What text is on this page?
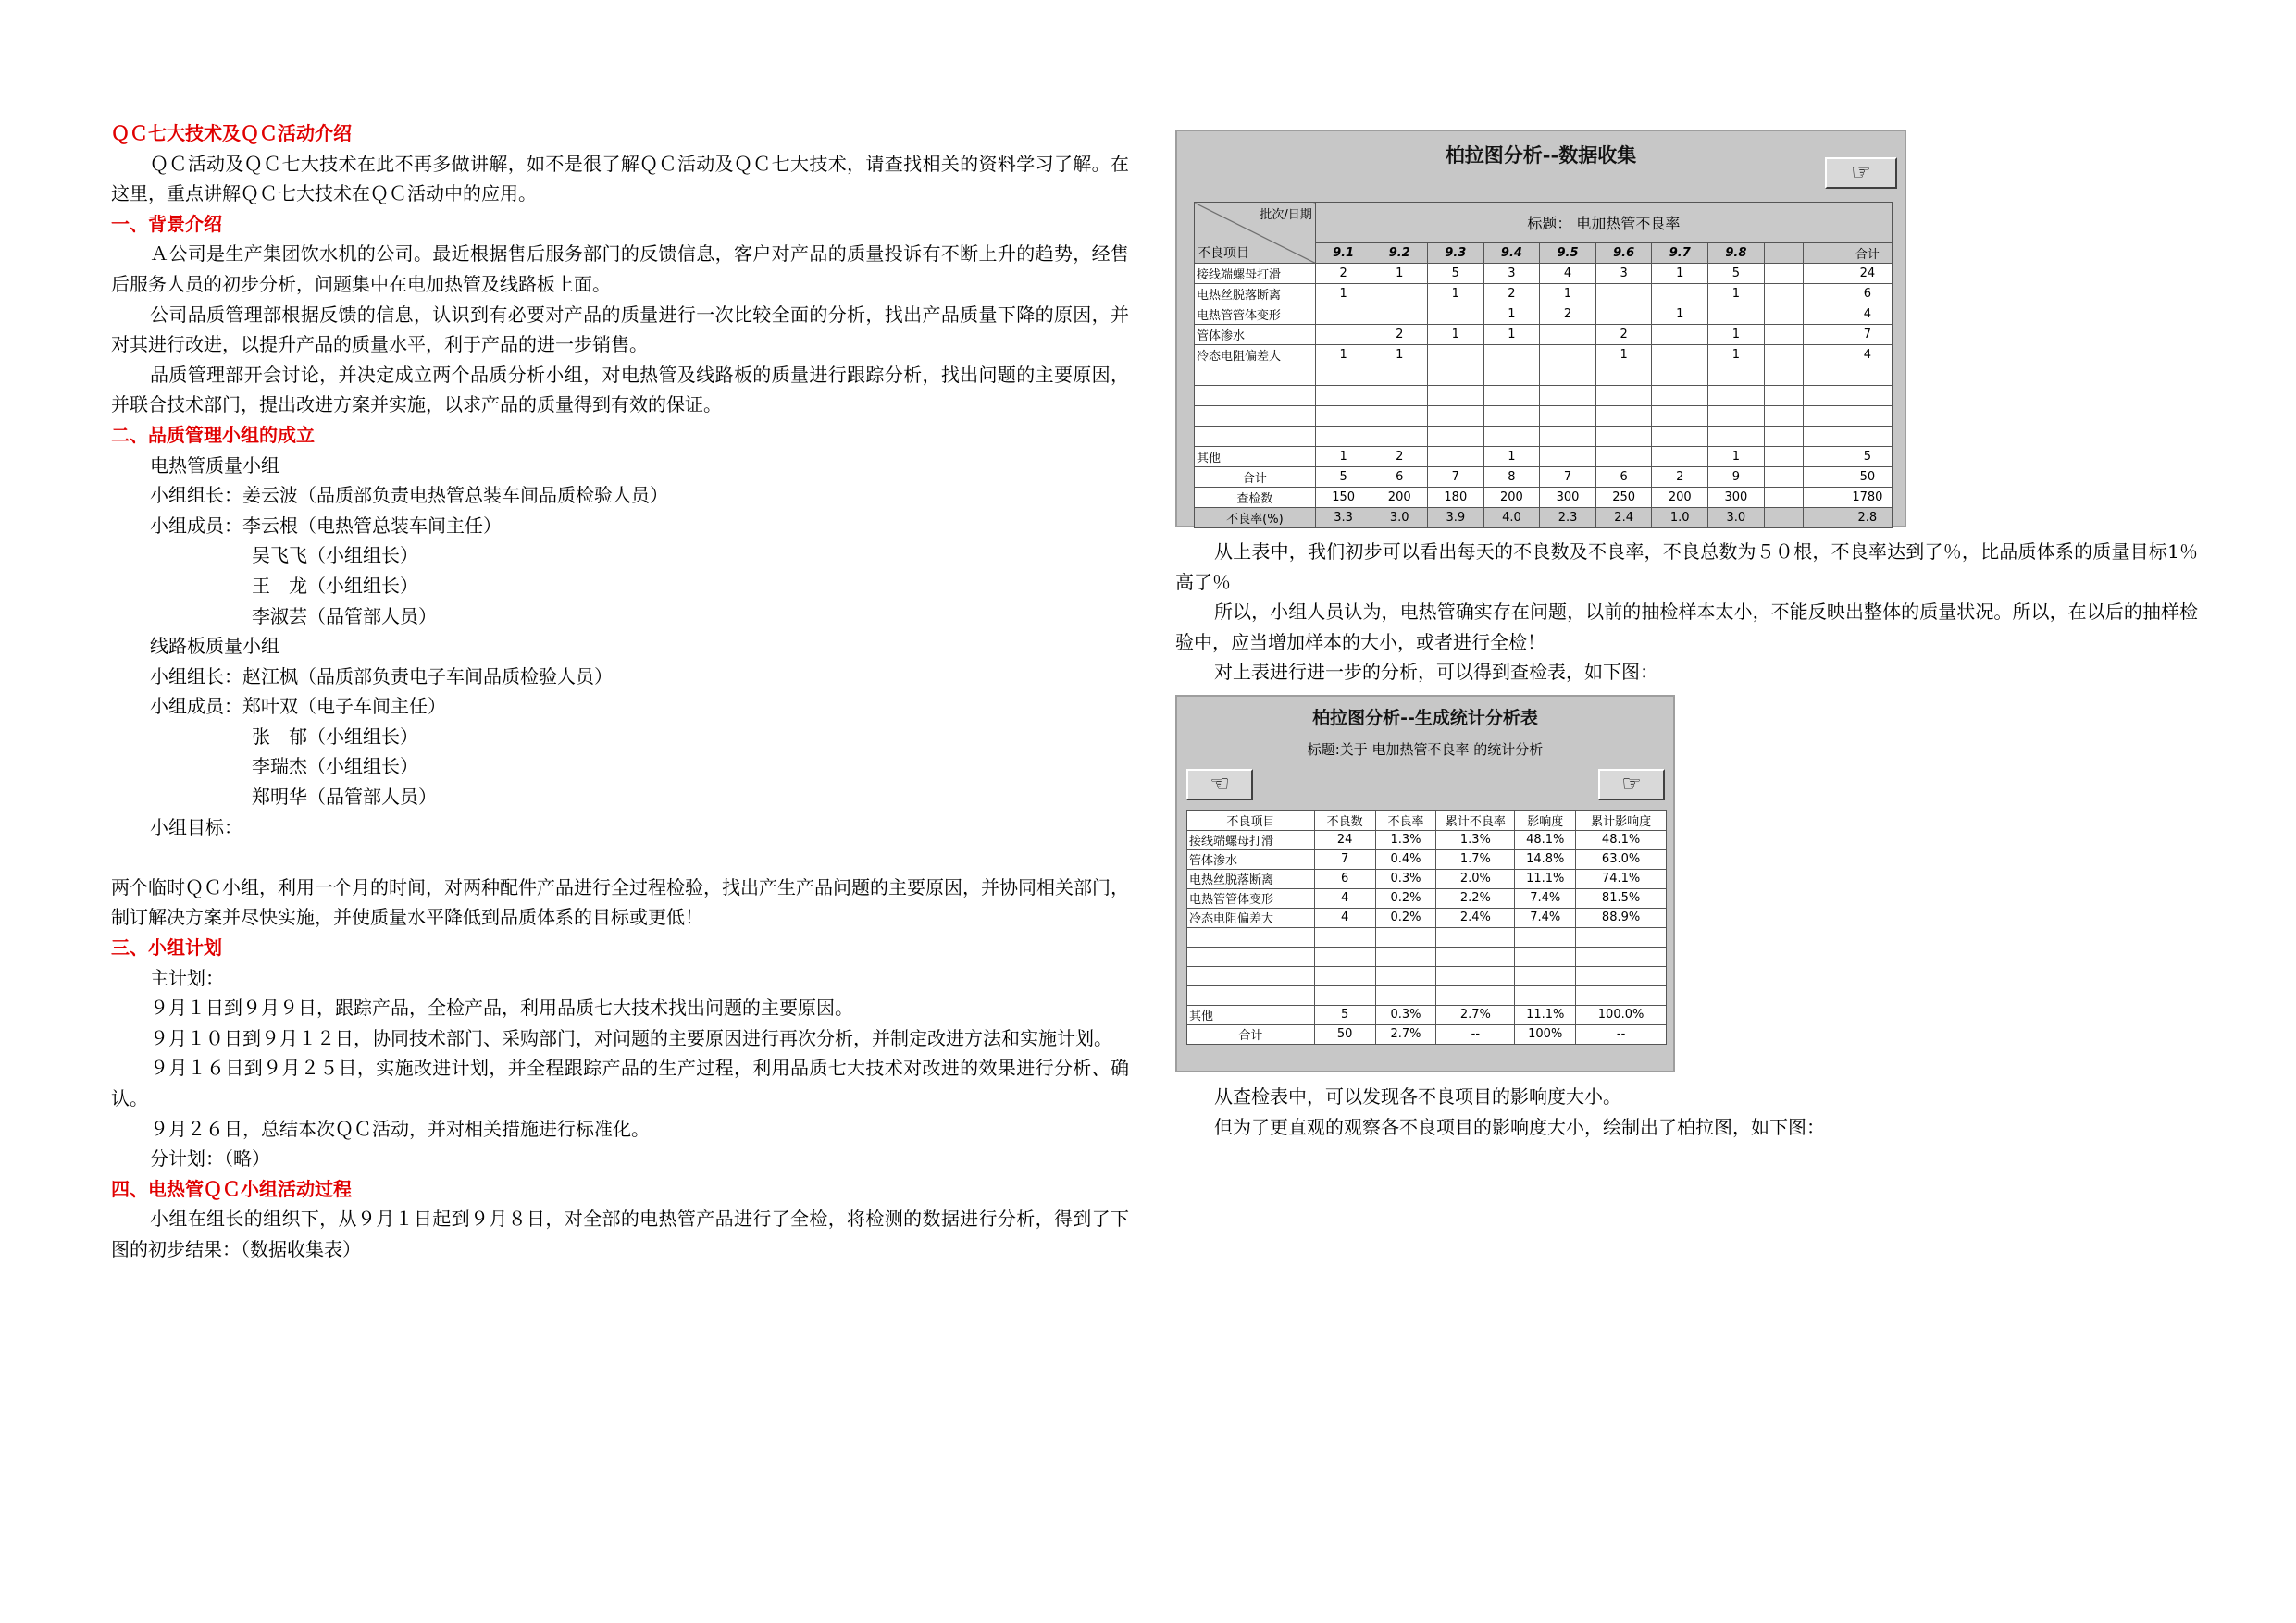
ＱＣ七大技术及ＱＣ活动介绍
ＱＣ活动及ＱＣ七大技术在此不再多做讲解，如不是很了解ＱＣ活动及ＱＣ七大技术，请查找相关的资料学习了解。在这里，重点讲解ＱＣ七大技术在ＱＣ活动中的应用。
一、背景介绍
Ａ公司是生产集团饮水机的公司。最近根据售后服务部门的反馈信息，客户对产品的质量投诉有不断上升的趋势，经售后服务人员的初步分析，问题集中在电加热管及线路板上面。
公司品质管理部根据反馈的信息，认识到有必要对产品的质量进行一次比较全面的分析，找出产品质量下降的原因，并对其进行改进，以提升产品的质量水平，利于产品的进一步销售。
品质管理部开会讨论，并决定成立两个品质分析小组，对电热管及线路板的质量进行跟踪分析，找出问题的主要原因，并联合技术部门，提出改进方案并实施，以求产品的质量得到有效的保证。
二、品质管理小组的成立
电热管质量小组
小组组长：姜云波（品质部负责电热管总装车间品质检验人员）
小组成员：李云根（电热管总装车间主任）
吴飞飞（小组组长）
王　龙（小组组长）
李淑芸（品管部人员）
线路板质量小组
小组组长：赵江枫（品质部负责电子车间品质检验人员）
小组成员：郑叶双（电子车间主任）
张　郁（小组组长）
李瑞杰（小组组长）
郑明华（品管部人员）
小组目标：
两个临时ＱＣ小组，利用一个月的时间，对两种配件产品进行全过程检验，找出产生产品问题的主要原因，并协同相关部门，制订解决方案并尽快实施，并使质量水平降低到品质体系的目标或更低！
三、小组计划
主计划：
９月１日到９月９日，跟踪产品，全检产品，利用品质七大技术找出问题的主要原因。
９月１０日到９月１２日，协同技术部门、采购部门，对问题的主要原因进行再次分析，并制定改进方法和实施计划。
９月１６日到９月２５日，实施改进计划，并全程跟踪产品的生产过程，利用品质七大技术对改进的效果进行分析、确认。
９月２６日，总结本次ＱＣ活动，并对相关措施进行标准化。
分计划：（略）
四、电热管ＱＣ小组活动过程
小组在组长的组织下，从９月１日起到９月８日，对全部的电热管产品进行了全检，将检测的数据进行分析，得到了下图的初步结果：（数据收集表）
柏拉图分析--数据收集
☞
批次/日期
不良项目	标题： 电加热管不良率										
	9.1	9.2	9.3	9.4	9.5	9.6	9.7	9.8			合计
接线端螺母打滑	2	1	5	3	4	3	1	5			24
电热丝脱落断离	1		1	2	1			1			6
电热管管体变形				1	2		1				4
管体渗水		2	1	1		2		1			7
冷态电阻偏差大	1	1				1		1			4

其他	1	2		1				1			5
合计	5	6	7	8	7	6	2	9			50
查检数	150	200	180	200	300	250	200	300			1780
不良率(%)	3.3	3.0	3.9	4.0	2.3	2.4	1.0	3.0			2.8
从上表中，我们初步可以看出每天的不良数及不良率，不良总数为５０根，不良率达到了％，比品质体系的质量目标1％高了％
所以，小组人员认为，电热管确实存在问题，以前的抽检样本太小，不能反映出整体的质量状况。所以，在以后的抽样检验中，应当增加样本的大小，或者进行全检！
对上表进行进一步的分析，可以得到查检表，如下图：
柏拉图分析--生成统计分析表
标题:关于 电加热管不良率 的统计分析
☜	☞
不良项目	不良数	不良率	累计不良率	影响度	累计影响度
接线端螺母打滑	24	1.3%	1.3%	48.1%	48.1%
管体渗水	7	0.4%	1.7%	14.8%	63.0%
电热丝脱落断离	6	0.3%	2.0%	11.1%	74.1%
电热管管体变形	4	0.2%	2.2%	7.4%	81.5%
冷态电阻偏差大	4	0.2%	2.4%	7.4%	88.9%

其他	5	0.3%	2.7%	11.1%	100.0%
合计	50	2.7%	--	100%	--
从查检表中，可以发现各不良项目的影响度大小。
但为了更直观的观察各不良项目的影响度大小，绘制出了柏拉图，如下图：
